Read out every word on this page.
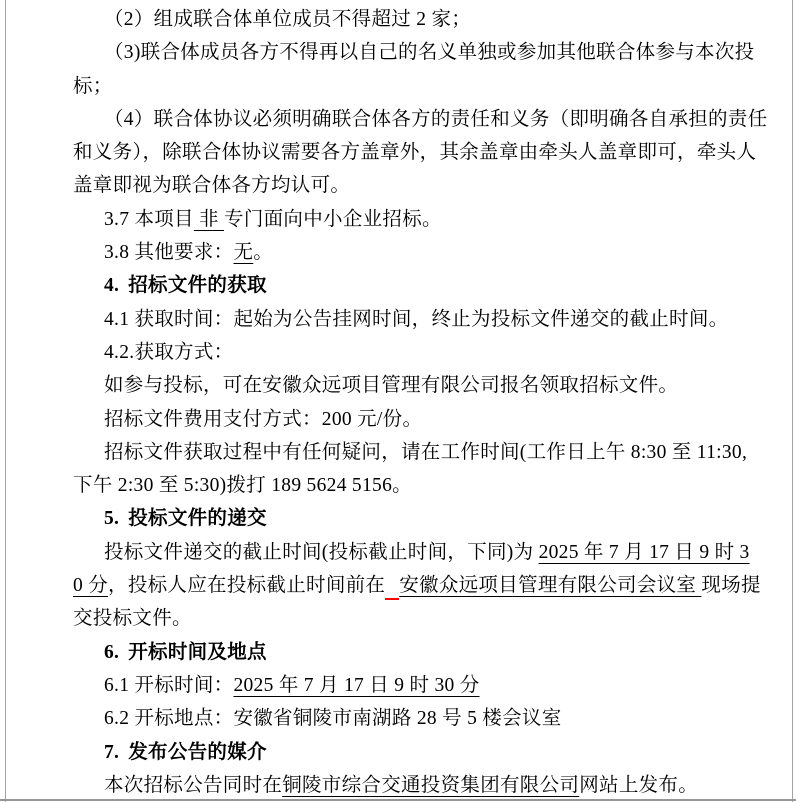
（2）组成联合体单位成员不得超过 2 家；

（3)联合体成员各方不得再以自己的名义单独或参加其他联合体参与本次投

标；

（4）联合体协议必须明确联合体各方的责任和义务（即明确各自承担的责任

和义务），除联合体协议需要各方盖章外，其余盖章由牵头人盖章即可，牵头人

盖章即视为联合体各方均认可。

3.7 本项目 非 专门面向中小企业招标。

3.8 其他要求：无。

4. 招标文件的获取

4.1 获取时间：起始为公告挂网时间，终止为投标文件递交的截止时间。

4.2.获取方式：

如参与投标，可在安徽众远项目管理有限公司报名领取招标文件。

招标文件费用支付方式：200 元/份。

招标文件获取过程中有任何疑问，请在工作时间(工作日上午 8:30 至 11:30,

下午 2:30 至 5:30)拨打 189 5624 5156。

5. 投标文件的递交

投标文件递交的截止时间(投标截止时间，下同)为 2025 年 7 月 17 日 9 时 3

0 分，投标人应在投标截止时间前在 安徽众远项目管理有限公司会议室 现场提

交投标文件。

6. 开标时间及地点

6.1 开标时间：2025 年 7 月 17 日 9 时 30 分

6.2 开标地点：安徽省铜陵市南湖路 28 号 5 楼会议室

7. 发布公告的媒介

本次招标公告同时在铜陵市综合交通投资集团有限公司网站上发布。
